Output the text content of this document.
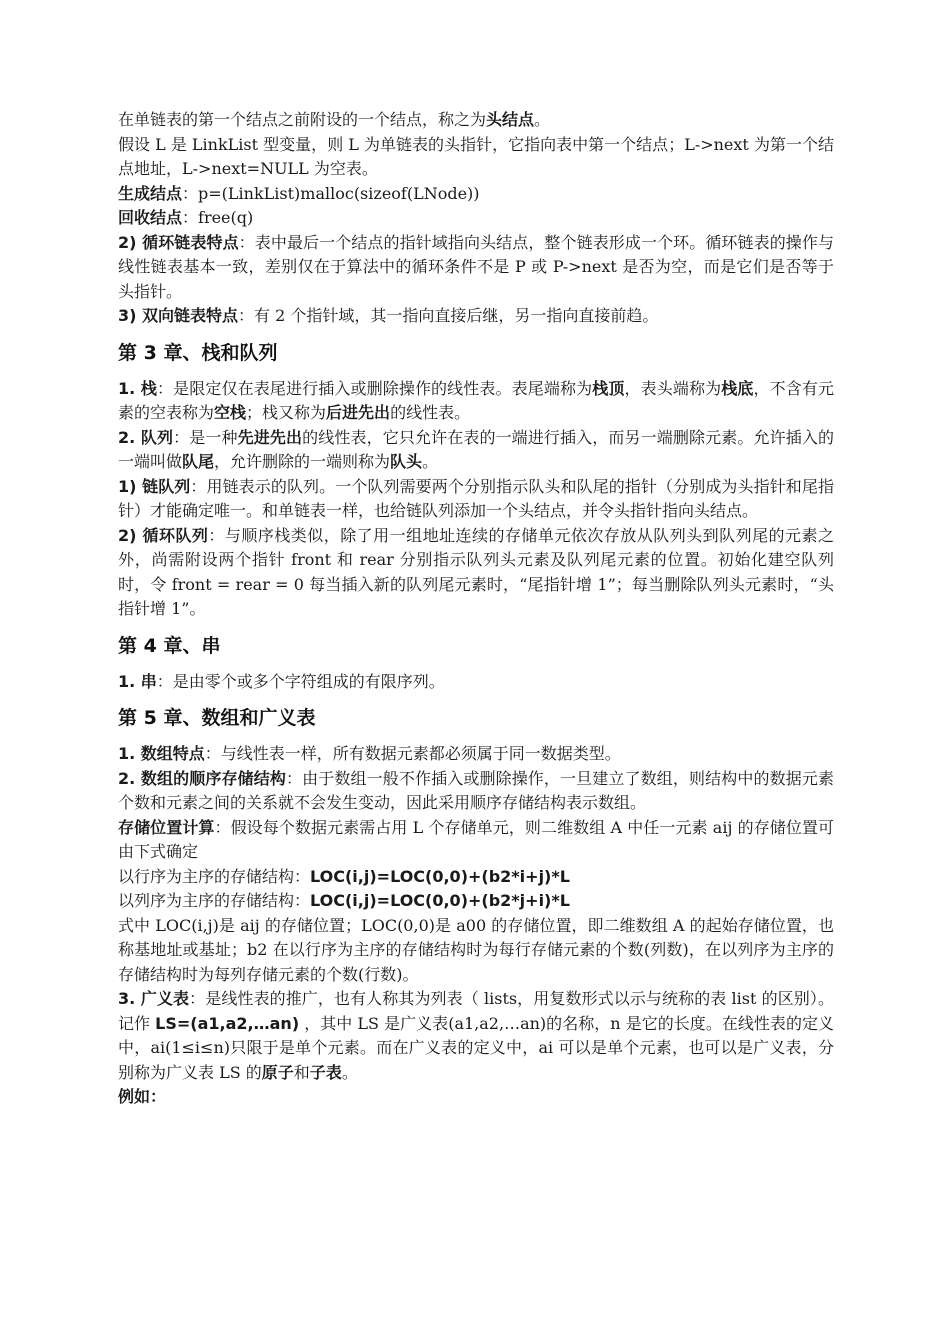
在单链表的第一个结点之前附设的一个结点，称之为头结点。

假设 L 是 LinkList 型变量，则 L 为单链表的头指针，它指向表中第一个结点；L->next 为第一个结点地址，L->next=NULL 为空表。

生成结点：p=(LinkList)malloc(sizeof(LNode))

回收结点：free(q)

2) 循环链表特点：表中最后一个结点的指针域指向头结点，整个链表形成一个环。循环链表的操作与线性链表基本一致，差别仅在于算法中的循环条件不是 P 或 P->next 是否为空，而是它们是否等于头指针。

3) 双向链表特点：有 2 个指针域，其一指向直接后继，另一指向直接前趋。

第 3 章、栈和队列

1. 栈：是限定仅在表尾进行插入或删除操作的线性表。表尾端称为栈顶，表头端称为栈底，不含有元素的空表称为空栈；栈又称为后进先出的线性表。

2. 队列：是一种先进先出的线性表，它只允许在表的一端进行插入，而另一端删除元素。允许插入的一端叫做队尾，允许删除的一端则称为队头。

1) 链队列：用链表示的队列。一个队列需要两个分别指示队头和队尾的指针（分别成为头指针和尾指针）才能确定唯一。和单链表一样，也给链队列添加一个头结点，并令头指针指向头结点。

2) 循环队列：与顺序栈类似，除了用一组地址连续的存储单元依次存放从队列头到队列尾的元素之外，尚需附设两个指针 front 和 rear 分别指示队列头元素及队列尾元素的位置。初始化建空队列时，令 front = rear = 0 每当插入新的队列尾元素时，“尾指针增 1”；每当删除队列头元素时，“头指针增 1”。

第 4 章、串

1. 串：是由零个或多个字符组成的有限序列。

第 5 章、数组和广义表

1. 数组特点：与线性表一样，所有数据元素都必须属于同一数据类型。

2. 数组的顺序存储结构：由于数组一般不作插入或删除操作，一旦建立了数组，则结构中的数据元素个数和元素之间的关系就不会发生变动，因此采用顺序存储结构表示数组。

存储位置计算：假设每个数据元素需占用 L 个存储单元，则二维数组 A 中任一元素 aij 的存储位置可由下式确定

以行序为主序的存储结构：LOC(i,j)=LOC(0,0)+(b2*i+j)*L

以列序为主序的存储结构：LOC(i,j)=LOC(0,0)+(b2*j+i)*L

式中 LOC(i,j)是 aij 的存储位置；LOC(0,0)是 a00 的存储位置，即二维数组 A 的起始存储位置，也称基地址或基址；b2 在以行序为主序的存储结构时为每行存储元素的个数(列数)，在以列序为主序的存储结构时为每列存储元素的个数(行数)。

3. 广义表：是线性表的推广，也有人称其为列表（ lists，用复数形式以示与统称的表 list 的区别）。记作 LS=(a1,a2,…an) ，其中 LS 是广义表(a1,a2,…an)的名称，n 是它的长度。在线性表的定义中，ai(1≤i≤n)只限于是单个元素。而在广义表的定义中，ai 可以是单个元素，也可以是广义表，分别称为广义表 LS 的原子和子表。

例如：
